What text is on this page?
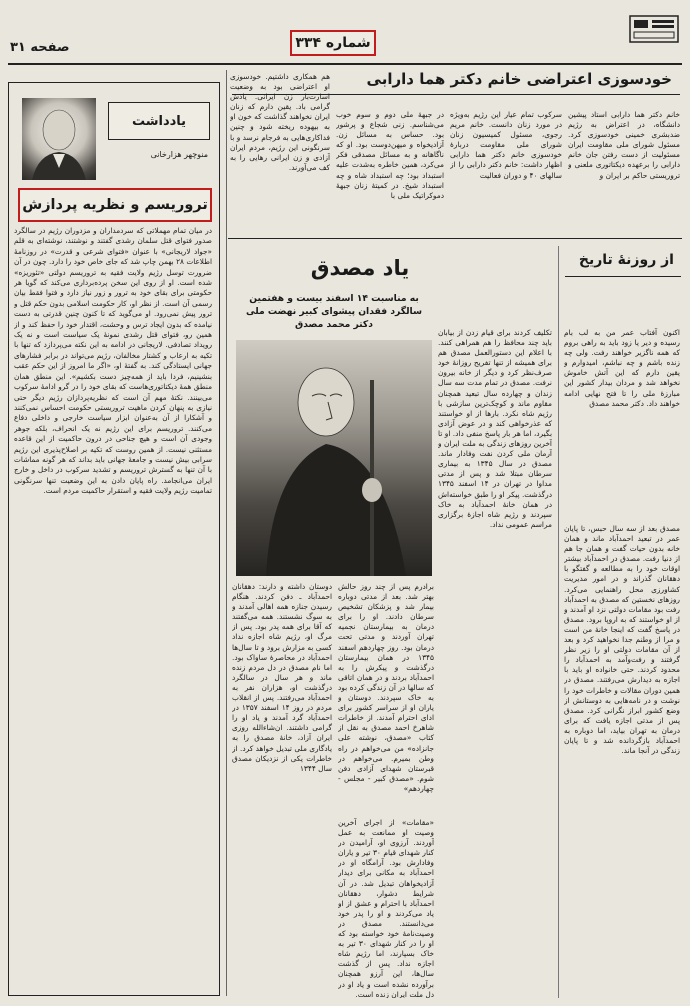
شماره ۳۳۴
صفحه ۳۱
خودسوزی اعتراضی خانم دکتر هما دارابی
خانم دکتر هما دارابی استاد پیشین دانشگاه، در اعتراض به رژیم ضدبشری خمینی خودسوزی کرد. مسئول شورای ملی مقاومت ایران مسئولیت از دست رفتن جان خانم دارابی را برعهده دیکتاتوری ملعنی و تروریستی حاکم بر ایران و
سرکوب تمام عیار این رژیم به‌ویژه در مورد زنان دانست. خانم مریم رجوی، مسئول کمیسیون زنان شورای ملی مقاومت دربارهٔ خودسوزی خانم دکتر هما دارابی اظهار داشت: خانم دکتر دارابی را از سالهای ۴۰ و دوران فعالیت
در جبههٔ ملی دوم و سوم خوب می‌شناسم. زنی شجاع و پرشور بود. حساس به مسائل زن. آزادیخواه و میهن‌دوست بود. او که ناگاهانه و به مسائل مصدقی فکر می‌کرد، همین خاطره به‌شدت علیه استبداد بود؛ چه استبداد شاه و چه استبداد شیخ. در کمیتهٔ زنان جبههٔ دموکراتیک ملی با
هم همکاری داشتیم. خودسوزی او اعتراضی بود به وضعیت اسارت‌بار زن ایرانی. یادش گرامی باد. یقین دارم که زنان ایران نخواهند گذاشت که خون او به‌ بیهوده ریخته شود و چنین فداکاری‌هایی به فرجام نرسد و با سرنگونی این رژیم، مردم ایران آزادی و زن ایرانی رهایی را به‌ کف می‌آورند.
یادداشت
منوچهر هزارخانی
تروریسم و نظریه پردازش
در میان تمام مهملاتی که سردمداران و مزدوران رژیم در سالگرد صدور فتوای قتل سلمان رشدی گفتند و نوشتند، نوشته‌ای به‌ قلم «جواد لاریجانی» با عنوان «فتوای شرعی و قدرت» در روزنامهٔ اطلاعات ۲۸ بهمن چاپ شد که جای خاص خود را دارد. چون در آن ضرورت توسل رژیم ولایت فقیه به تروریسم دولتی «تئوریزه» شده است. او از روی این سخن پرده‌برداری می‌کند که گویا هر حکومتی برای بقای خود به ترور و زور نیاز دارد و فتوا فقط بیان رسمی آن است. از نظر او، کار حکومت اسلامی بدون حکم قتل و ترور پیش نمی‌رود. او می‌گوید که تا کنون چنین قدرتی به‌ دست نیامده که بدون ایجاد ترس و وحشت، اقتدار خود را حفظ کند و از همین رو، فتوای قتل رشدی نمونهٔ یک سیاست است و نه یک رویداد تصادفی. لاریجانی در ادامه به این نکته می‌پردازد که تنها با تکیه به ارعاب و کشتار مخالفان، رژیم می‌تواند در برابر فشارهای جهانی ایستادگی کند. به گفتهٔ او، «اگر ما امروز از این حکم عقب بنشینیم، فردا باید از همه‌چیز دست بکشیم». این منطق همان منطق همهٔ دیکتاتوری‌هاست که بقای خود را در گرو ادامهٔ سرکوب می‌بینند. نکتهٔ مهم آن است که نظریه‌پردازان رژیم دیگر حتی نیازی به پنهان کردن ماهیت تروریستی حکومت احساس نمی‌کنند و آشکارا از آن به‌عنوان ابزار سیاست خارجی و داخلی دفاع می‌کنند. تروریسم برای این رژیم نه یک انحراف، بلکه جوهر وجودی آن است و هیچ جناحی در درون حاکمیت از این قاعده مستثنی نیست. از همین روست که تکیه بر اصلاح‌پذیری این رژیم سرابی بیش نیست و جامعهٔ جهانی باید بداند که هر گونه مماشات با آن تنها به گسترش تروریسم و تشدید سرکوب در داخل و خارج ایران می‌انجامد. راه پایان دادن به این وضعیت تنها سرنگونی تمامیت رژیم ولایت فقیه و استقرار حاکمیت مردم است.
از روزنهٔ تاریخ
اکنون آفتاب عمر من به لب بام رسیده و دیر یا زود باید به راهی بروم که همه ناگزیر خواهند رفت. ولی چه زنده باشم و چه نباشم، امیدوارم و یقین دارم که این آتش خاموش نخواهد شد و مردان بیدار کشور این مبارزهٔ ملی را تا فتح نهایی ادامه خواهند داد. دکتر محمد مصدق
مصدق بعد از سه سال حبس، تا پایان عمر در تبعید احمدآباد ماند و همان خانه بدون حیات گفت و همان جا هم از دنیا رفت. مصدق در احمدآباد بیشتر اوقات خود را به مطالعه و گفتگو با دهقانان گذراند و در امور مدیریت کشاورزی محل راهنمایی می‌کرد. روزهای نخستین که مصدق به احمدآباد رفت بود مقامات دولتی نزد او آمدند و از او خواستند که به اروپا برود. مصدق در پاسخ گفت که اینجا خانهٔ من است و مرا از وطنم جدا نخواهید کرد و بعد از آن مقامات دولتی او را زیر نظر گرفتند و رفت‌وآمد به احمدآباد را محدود کردند. حتی خانواده او باید با اجازه به دیدارش می‌رفتند. مصدق در همین دوران مقالات و خاطرات خود را نوشت و در نامه‌هایی به دوستانش از وضع کشور ابراز نگرانی کرد. مصدق پس از مدتی اجازه یافت که برای درمان به تهران بیاید، اما دوباره به احمدآباد بازگردانده شد و تا پایان زندگی در آنجا ماند.
یاد مصدق
به مناسبت ۱۴ اسفند بیست و هفتمین سالگرد فقدان پیشوای کبیر نهضت ملی دکتر محمد مصدق
تکلیف کردند برای قیام زدن از بیابان باید چند محافظ را هم همراهی کنند. با اعلام این دستورالعمل مصدق هم برای همیشه از تنها تفریح روزانهٔ خود صرف‌نظر کرد و دیگر از خانه بیرون نرفت. مصدق در تمام مدت سه سال زندان و چهارده سال تبعید همچنان مقاوم ماند و کوچک‌ترین سازشی با رژیم شاه نکرد. بارها از او خواستند که عذرخواهی کند و در عوض آزادی بگیرد، اما هر بار پاسخ منفی داد. او تا آخرین روزهای زندگی به ملت ایران و آرمان ملی کردن نفت وفادار ماند. مصدق در سال ۱۳۴۵ به بیماری سرطان مبتلا شد و پس از مدتی مداوا در تهران در ۱۴ اسفند ۱۳۴۵ درگذشت. پیکر او را طبق خواسته‌اش در همان خانهٔ احمدآباد به خاک سپردند و رژیم شاه اجازهٔ برگزاری مراسم عمومی نداد.
برادرم پس از چند روز حالش بهتر شد. بعد از مدتی دوباره بیمار شد و پزشکان تشخیص سرطان دادند. او را برای درمان به بیمارستان نجمیه تهران آوردند و مدتی تحت درمان بود. روز چهاردهم اسفند ۱۳۴۵ در همان بیمارستان درگذشت و پیکرش را به احمدآباد بردند و در همان اتاقی که سالها در آن زندگی کرده بود به خاک سپردند. دوستان و یاران او از سراسر کشور برای ادای احترام آمدند. از خاطرات شاهرخ احمد مصدق به نقل از کتاب «مصدق، نوشته علی جانزاده» من می‌خواهم در راه وطن بمیرم. می‌خواهم در قبرستان شهدای آزادی دفن شوم. «مصدق کبیر - مجلس - چهاردهم»
دوستان داشته و دارند: دهقانان احمدآباد ـ دفن کردند. هنگام رسیدن جنازه همه اهالی آمدند و به سوگ نشستند. همه می‌گفتند که آقا برای همه پدر بود. پس از مرگ او، رژیم شاه اجازه نداد کسی به مزارش برود و تا سال‌ها احمدآباد در محاصرهٔ ساواک بود. اما نام مصدق در دل مردم زنده ماند و هر سال در سالگرد درگذشت او، هزاران نفر به احمدآباد می‌رفتند. پس از انقلاب مردم در روز ۱۴ اسفند ۱۳۵۷ در احمدآباد گرد آمدند و یاد او را گرامی داشتند. ان‌شاءالله روزی ایران آزاد، خانهٔ مصدق را به یادگاری ملی تبدیل خواهد کرد. از خاطرات یکی از نزدیکان مصدق سال ۱۳۴۴
«مقامات» از اجرای آخرین وصیت او ممانعت به عمل آوردند. آرزوی او، آرامیدن در کنار شهدای قیام ۳۰ تیر و یاران وفادارش بود. آرامگاه او در احمدآباد به مکانی برای دیدار آزادیخواهان تبدیل شد. در آن شرایط دشوار، دهقانان احمدآباد با احترام و عشق از او یاد می‌کردند و او را پدر خود می‌دانستند. مصدق در وصیت‌نامهٔ خود خواسته بود که او را در کنار شهدای ۳۰ تیر به خاک بسپارند، اما رژیم شاه اجازه نداد. پس از گذشت سال‌ها، این آرزو همچنان برآورده نشده است و یاد او در دل ملت ایران زنده است.
